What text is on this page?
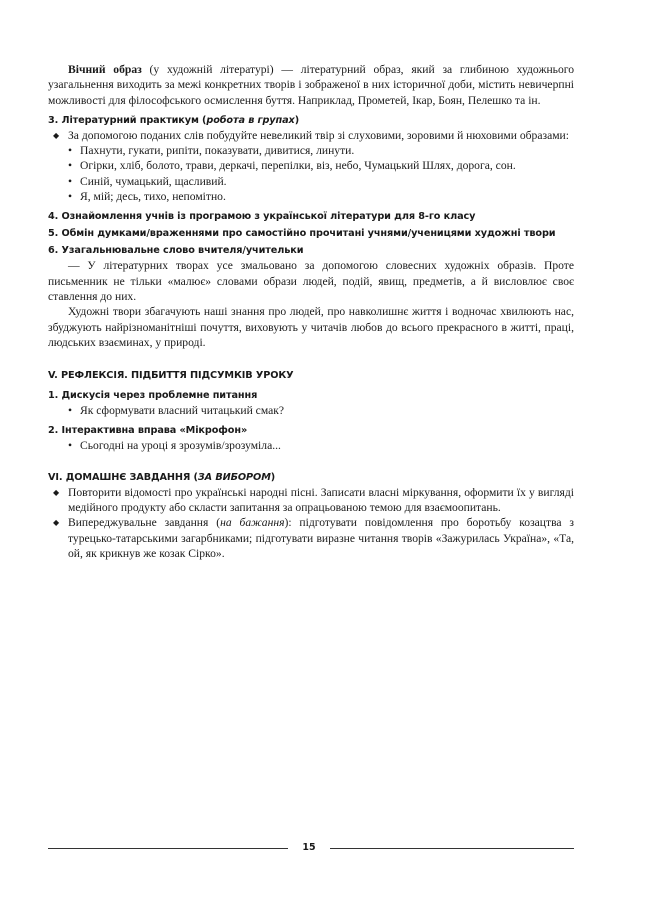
Вічний образ (у художній літературі) — літературний образ, який за глибиною художнього узагальнення виходить за межі конкретних творів і зображеної в них історичної доби, містить невичерпні можливості для філософського осмислення буття. Наприклад, Прометей, Ікар, Боян, Пелешко та ін.

3. Літературний практикум (робота в групах)
◆ За допомогою поданих слів побудуйте невеликий твір зі слуховими, зоровими й нюховими образами:
• Пахнути, гукати, рипіти, показувати, дивитися, линути.
• Огірки, хліб, болото, трави, деркачі, перепілки, віз, небо, Чумацький Шлях, дорога, сон.
• Синій, чумацький, щасливий.
• Я, мій; десь, тихо, непомітно.
4. Ознайомлення учнів із програмою з української літератури для 8-го класу
5. Обмін думками/враженнями про самостійно прочитані учнями/ученицями художні твори
6. Узагальнювальне слово вчителя/учительки

— У літературних творах усе змальовано за допомогою словесних художніх образів. Проте письменник не тільки «малює» словами образи людей, подій, явищ, предметів, а й висловлює своє ставлення до них.

Художні твори збагачують наші знання про людей, про навколишнє життя і водночас хвилюють нас, збуджують найрізноманітніші почуття, виховують у читачів любов до всього прекрасного в житті, праці, людських взаєминах, у природі.

V. РЕФЛЕКСІЯ. ПІДБИТТЯ ПІДСУМКІВ УРОКУ
1. Дискусія через проблемне питання
• Як сформувати власний читацький смак?
2. Інтерактивна вправа «Мікрофон»
• Сьогодні на уроці я зрозумів/зрозуміла...
VI. ДОМАШНЄ ЗАВДАННЯ (ЗА ВИБОРОМ)
◆ Повторити відомості про українські народні пісні. Записати власні міркування, оформити їх у вигляді медійного продукту або скласти запитання за опрацьованою темою для взаємоопитань.
◆ Випереджувальне завдання (на бажання): підготувати повідомлення про боротьбу козацтва з турецько-татарськими загарбниками; підготувати виразне читання творів «Зажурилась Україна», «Та, ой, як крикнув же козак Сірко».
15
